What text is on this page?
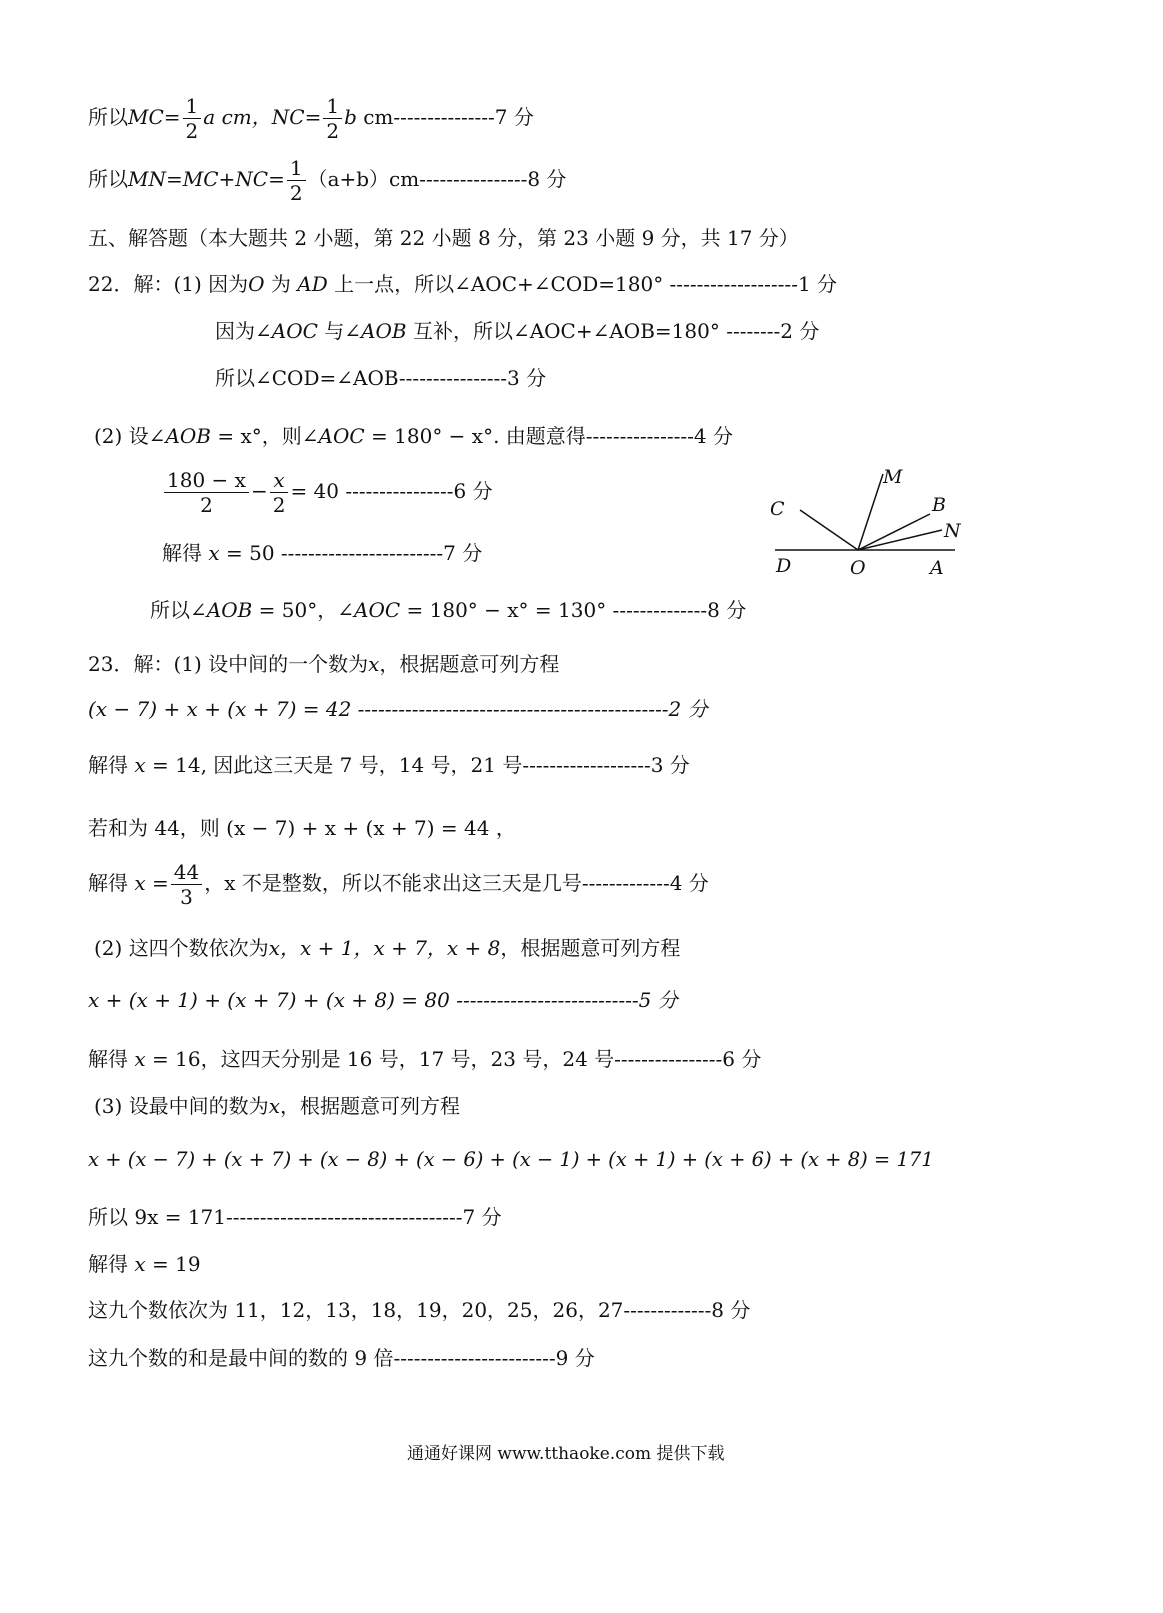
所以$MC= \frac{1}{2}$ a cm，$NC= \frac{1}{2}$ b cm---------------7 分
所以$MN=MC+NC= \frac{1}{2} (a+b)cm----------------8$ 分
五、解答题（本大题共 2 小题，第 22 小题 8 分，第 23 小题 9 分，共 17 分）
22．解：(1) 因为O 为 AD 上一点，所以∠AOC+∠COD=180° -------------------1 分
因为∠AOC 与∠AOB 互补，所以∠AOC+∠AOB=180° --------2 分
所以∠COD=∠AOB----------------3 分
(2) 设∠AOB = x°，则∠AOC = 180° − x°. 由题意得----------------4 分
$\frac{180 - x}{2} - \frac{x}{2} = 40$ ----------------6 分
解得 x = 50 ------------------------7 分
所以∠AOB = 50°，∠AOC = 180° − x° = 130° --------------8 分
M
C	B
N
D	O	A
23．解：(1) 设中间的一个数为x，根据题意可列方程
(x − 7) + x + (x + 7) = 42 ----------------------------------------------2 分
解得 x = 14, 因此这三天是 7 号，14 号，21 号-------------------3 分
若和为 44，则 (x − 7) + x + (x + 7) = 44 ，
解得 $x = \frac{44}{3}$ ，x 不是整数，所以不能求出这三天是几号-------------4 分
(2) 这四个数依次为x，x + 1，x + 7，x + 8，根据题意可列方程
x + (x + 1) + (x + 7) + (x + 8) = 80 ---------------------------5 分
解得 x = 16，这四天分别是 16 号，17 号，23 号，24 号----------------6 分
(3) 设最中间的数为x，根据题意可列方程
x + (x − 7) + (x + 7) + (x − 8) + (x − 6) + (x − 1) + (x + 1) + (x + 6) + (x + 8) = 171
所以 9x = 171-----------------------------------7 分
解得 x = 19
这九个数依次为 11，12，13，18，19，20，25，26，27-------------8 分
这九个数的和是最中间的数的 9 倍------------------------9 分
通通好课网 www.tthaoke.com 提供下载
